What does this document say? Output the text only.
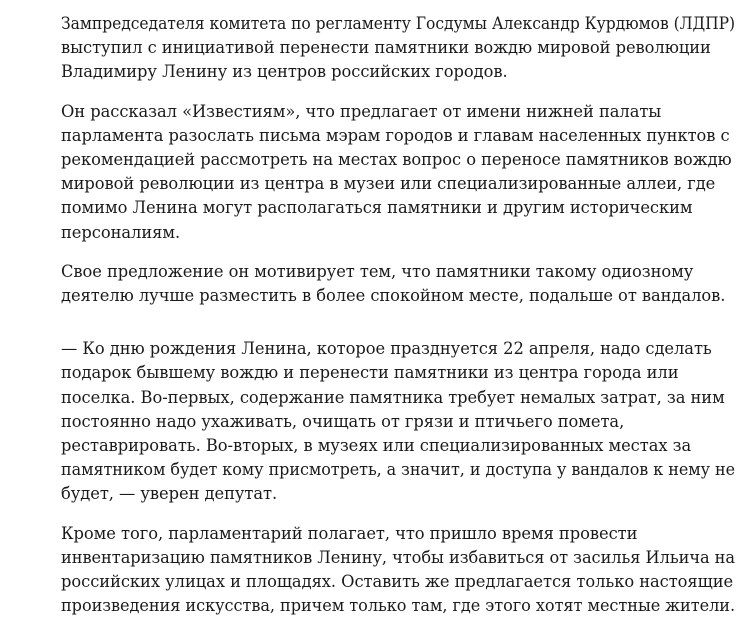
Зампредседателя комитета по регламенту Госдумы Александр Курдюмов (ЛДПР)
выступил с инициативой перенести памятники вождю мировой революции
Владимиру Ленину из центров российских городов.

Он рассказал «Известиям», что предлагает от имени нижней палаты
парламента разослать письма мэрам городов и главам населенных пунктов с
рекомендацией рассмотреть на местах вопрос о переносе памятников вождю
мировой революции из центра в музеи или специализированные аллеи, где
помимо Ленина могут располагаться памятники и другим историческим
персоналиям.

Свое предложение он мотивирует тем, что памятники такому одиозному
деятелю лучше разместить в более спокойном месте, подальше от вандалов.

— Ко дню рождения Ленина, которое празднуется 22 апреля, надо сделать
подарок бывшему вождю и перенести памятники из центра города или
поселка. Во-первых, содержание памятника требует немалых затрат, за ним
постоянно надо ухаживать, очищать от грязи и птичьего помета,
реставрировать. Во-вторых, в музеях или специализированных местах за
памятником будет кому присмотреть, а значит, и доступа у вандалов к нему не
будет, — уверен депутат.

Кроме того, парламентарий полагает, что пришло время провести
инвентаризацию памятников Ленину, чтобы избавиться от засилья Ильича на
российских улицах и площадях. Оставить же предлагается только настоящие
произведения искусства, причем только там, где этого хотят местные жители.
